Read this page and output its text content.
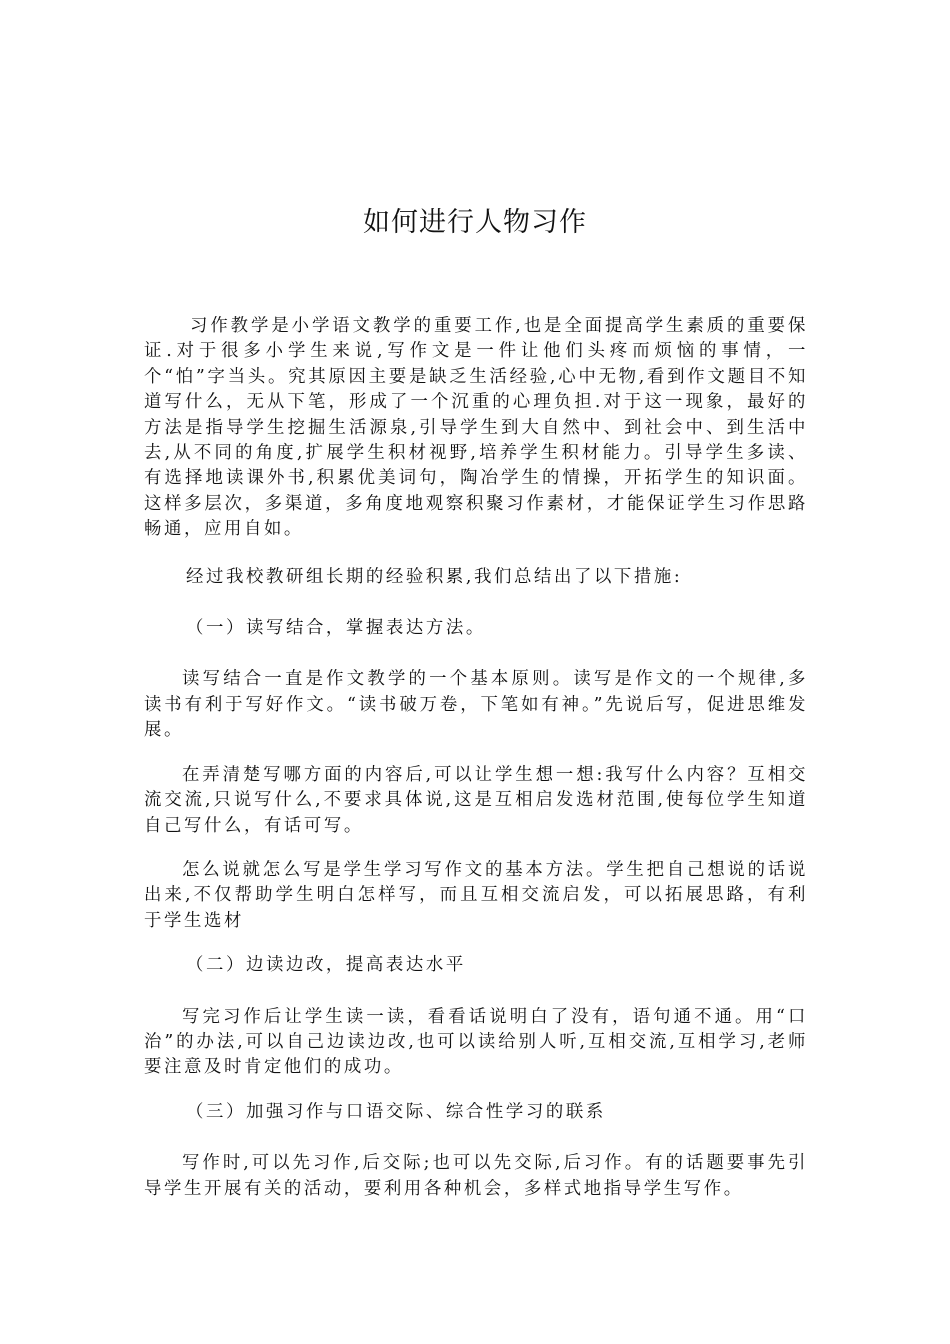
如何进行人物习作

习作教学是小学语文教学的重要工作,也是全面提高学生素质的重要保证.对于很多小学生来说,写作文是一件让他们头疼而烦恼的事情，一个“怕”字当头。究其原因主要是缺乏生活经验,心中无物,看到作文题目不知道写什么，无从下笔，形成了一个沉重的心理负担.对于这一现象，最好的方法是指导学生挖掘生活源泉,引导学生到大自然中、到社会中、到生活中去,从不同的角度,扩展学生积材视野,培养学生积材能力。引导学生多读、有选择地读课外书,积累优美词句，陶冶学生的情操，开拓学生的知识面。这样多层次，多渠道，多角度地观察积聚习作素材，才能保证学生习作思路畅通，应用自如。

经过我校教研组长期的经验积累,我们总结出了以下措施:

（一）读写结合，掌握表达方法。

读写结合一直是作文教学的一个基本原则。读写是作文的一个规律,多读书有利于写好作文。“读书破万卷，下笔如有神。”先说后写，促进思维发展。

在弄清楚写哪方面的内容后,可以让学生想一想:我写什么内容？互相交流交流,只说写什么,不要求具体说,这是互相启发选材范围,使每位学生知道自己写什么，有话可写。

怎么说就怎么写是学生学习写作文的基本方法。学生把自己想说的话说出来,不仅帮助学生明白怎样写，而且互相交流启发，可以拓展思路，有利于学生选材

（二）边读边改，提高表达水平

写完习作后让学生读一读，看看话说明白了没有，语句通不通。用“口治”的办法,可以自己边读边改,也可以读给别人听,互相交流,互相学习,老师要注意及时肯定他们的成功。

（三）加强习作与口语交际、综合性学习的联系

写作时,可以先习作,后交际;也可以先交际,后习作。有的话题要事先引导学生开展有关的活动，要利用各种机会，多样式地指导学生写作。
